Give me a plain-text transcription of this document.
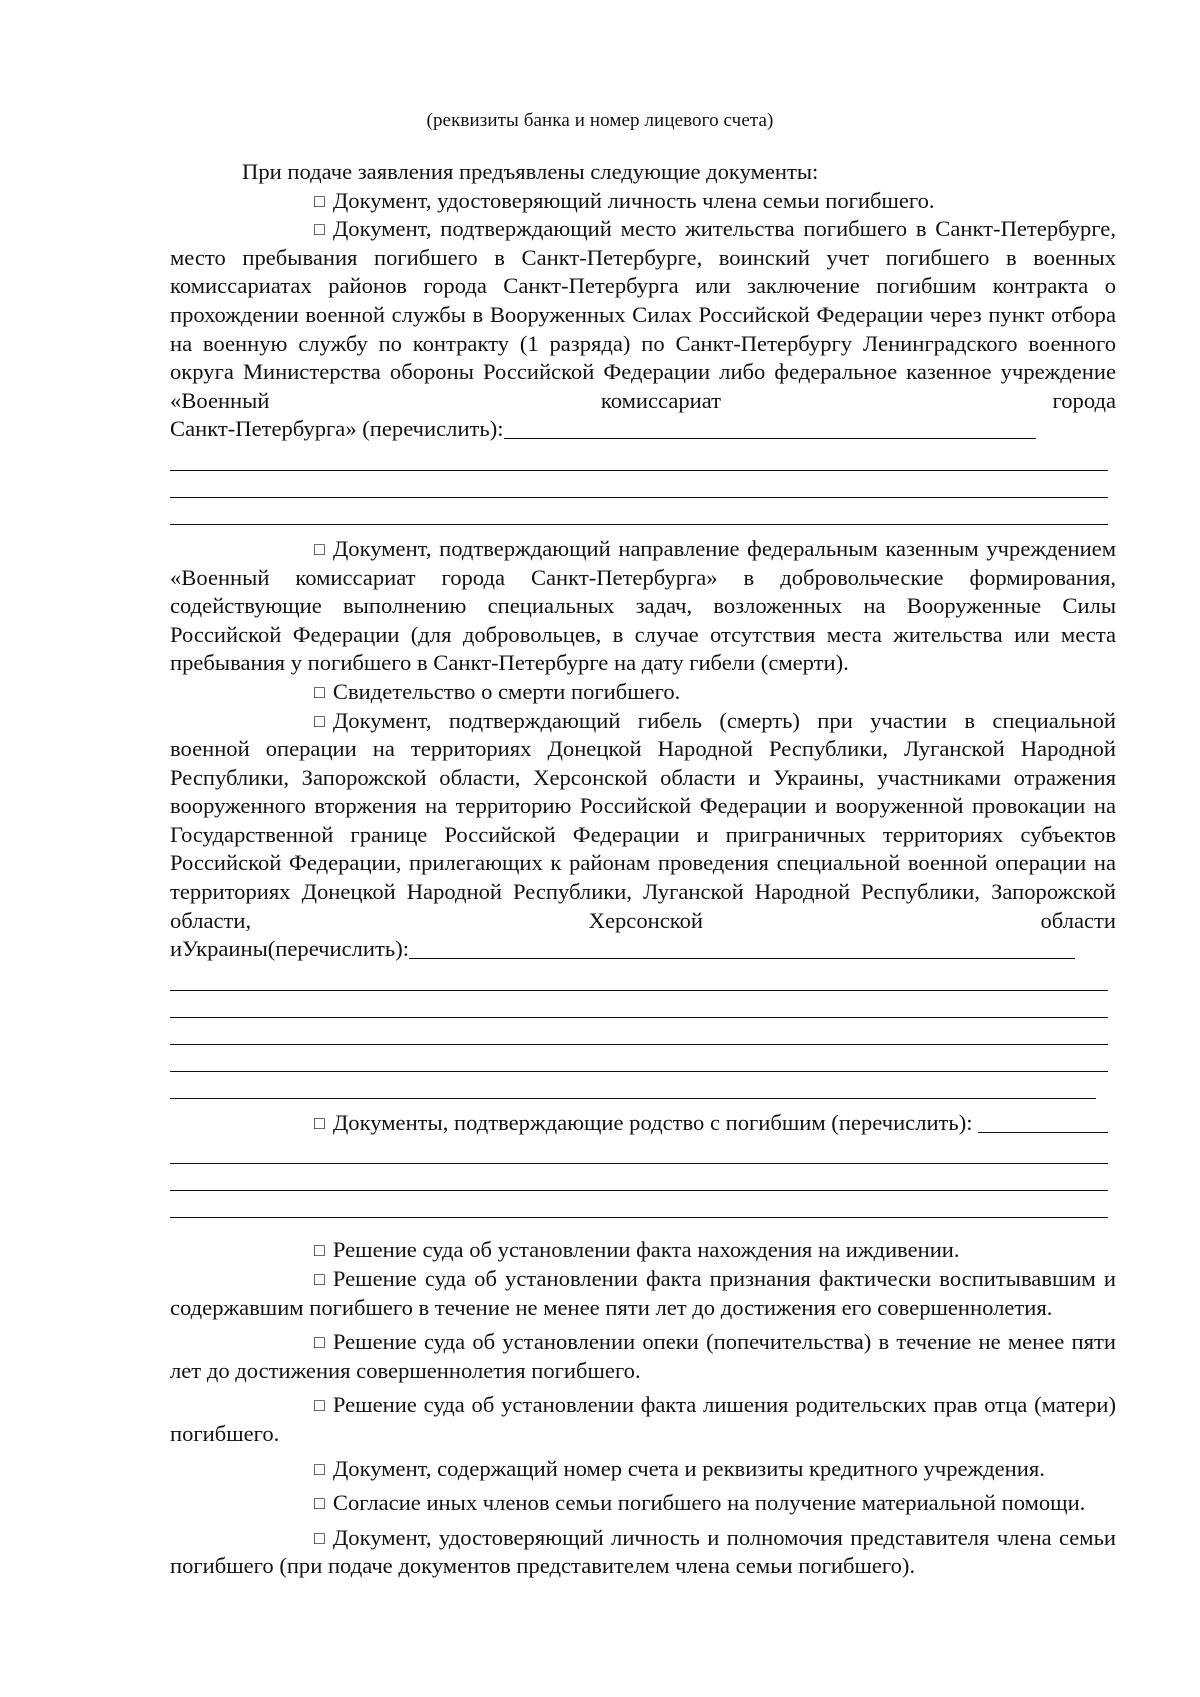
(реквизиты банка и номер лицевого счета)

При подаче заявления предъявлены следующие документы:

□ Документ, удостоверяющий личность члена семьи погибшего.

□ Документ, подтверждающий место жительства погибшего в Санкт-Петербурге, место пребывания погибшего в Санкт-Петербурге, воинский учет погибшего в военных комиссариатах районов города Санкт-Петербурга или заключение погибшим контракта о прохождении военной службы в Вооруженных Силах Российской Федерации через пункт отбора на военную службу по контракту (1 разряда) по Санкт-Петербургу Ленинградского военного округа Министерства обороны Российской Федерации либо федеральное казенное учреждение «Военный комиссариат города

Санкт-Петербурга» (перечислить):

□ Документ, подтверждающий направление федеральным казенным учреждением «Военный комиссариат города Санкт-Петербурга» в добровольческие формирования, содействующие выполнению специальных задач, возложенных на Вооруженные Силы Российской Федерации (для добровольцев, в случае отсутствия места жительства или места пребывания у погибшего в Санкт-Петербурге на дату гибели (смерти).

□ Свидетельство о смерти погибшего.

□ Документ, подтверждающий гибель (смерть) при участии в специальной военной операции на территориях Донецкой Народной Республики, Луганской Народной Республики, Запорожской области, Херсонской области и Украины, участниками отражения вооруженного вторжения на территорию Российской Федерации и вооруженной провокации на Государственной границе Российской Федерации и приграничных территориях субъектов Российской Федерации, прилегающих к районам проведения специальной военной операции на территориях Донецкой Народной Республики, Луганской Народной Республики, Запорожской области, Херсонской области

иУкраины(перечислить):

□ Документы, подтверждающие родство с погибшим (перечислить):

□ Решение суда об установлении факта нахождения на иждивении.

□ Решение суда об установлении факта признания фактически воспитывавшим и содержавшим погибшего в течение не менее пяти лет до достижения его совершеннолетия.

□ Решение суда об установлении опеки (попечительства) в течение не менее пяти лет до достижения совершеннолетия погибшего.

□ Решение суда об установлении факта лишения родительских прав отца (матери) погибшего.

□ Документ, содержащий номер счета и реквизиты кредитного учреждения.

□ Согласие иных членов семьи погибшего на получение материальной помощи.

□ Документ, удостоверяющий личность и полномочия представителя члена семьи погибшего (при подаче документов представителем члена семьи погибшего).
